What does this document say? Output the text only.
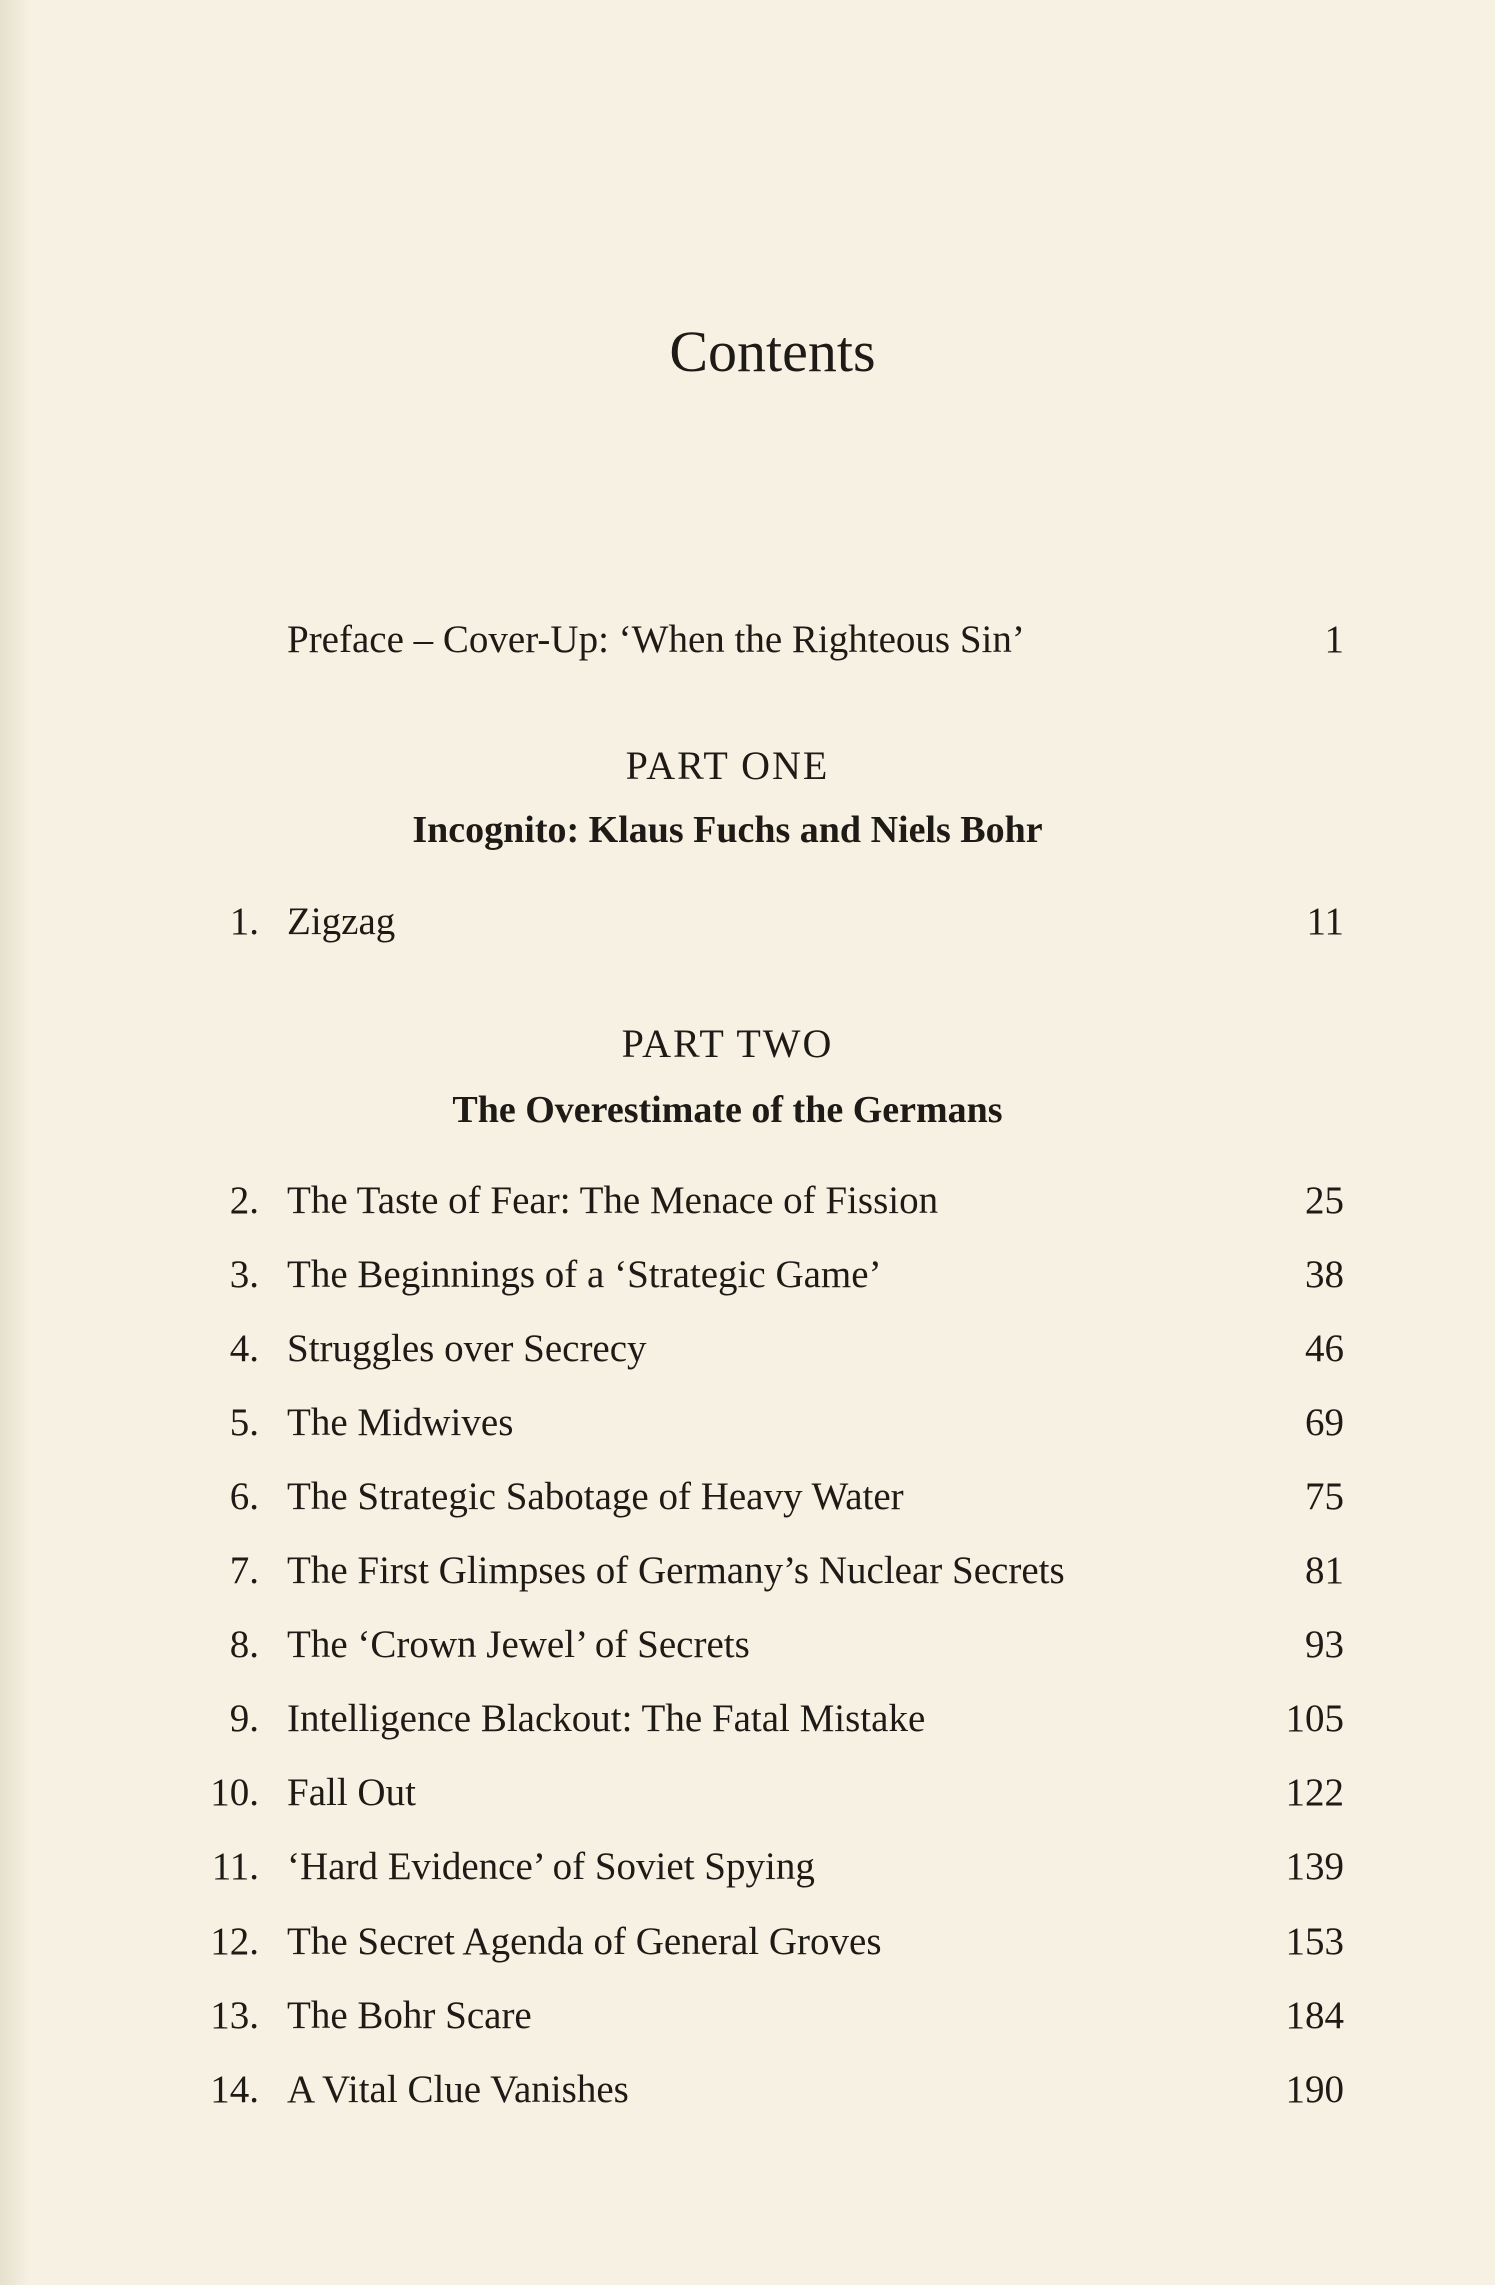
Contents
Preface – Cover-Up: ‘When the Righteous Sin’	1
PART ONE
Incognito: Klaus Fuchs and Niels Bohr
1. Zigzag	11
PART TWO
The Overestimate of the Germans
2. The Taste of Fear: The Menace of Fission	25
3. The Beginnings of a ‘Strategic Game’	38
4. Struggles over Secrecy	46
5. The Midwives	69
6. The Strategic Sabotage of Heavy Water	75
7. The First Glimpses of Germany’s Nuclear Secrets	81
8. The ‘Crown Jewel’ of Secrets	93
9. Intelligence Blackout: The Fatal Mistake	105
10. Fall Out	122
11. ‘Hard Evidence’ of Soviet Spying	139
12. The Secret Agenda of General Groves	153
13. The Bohr Scare	184
14. A Vital Clue Vanishes	190
